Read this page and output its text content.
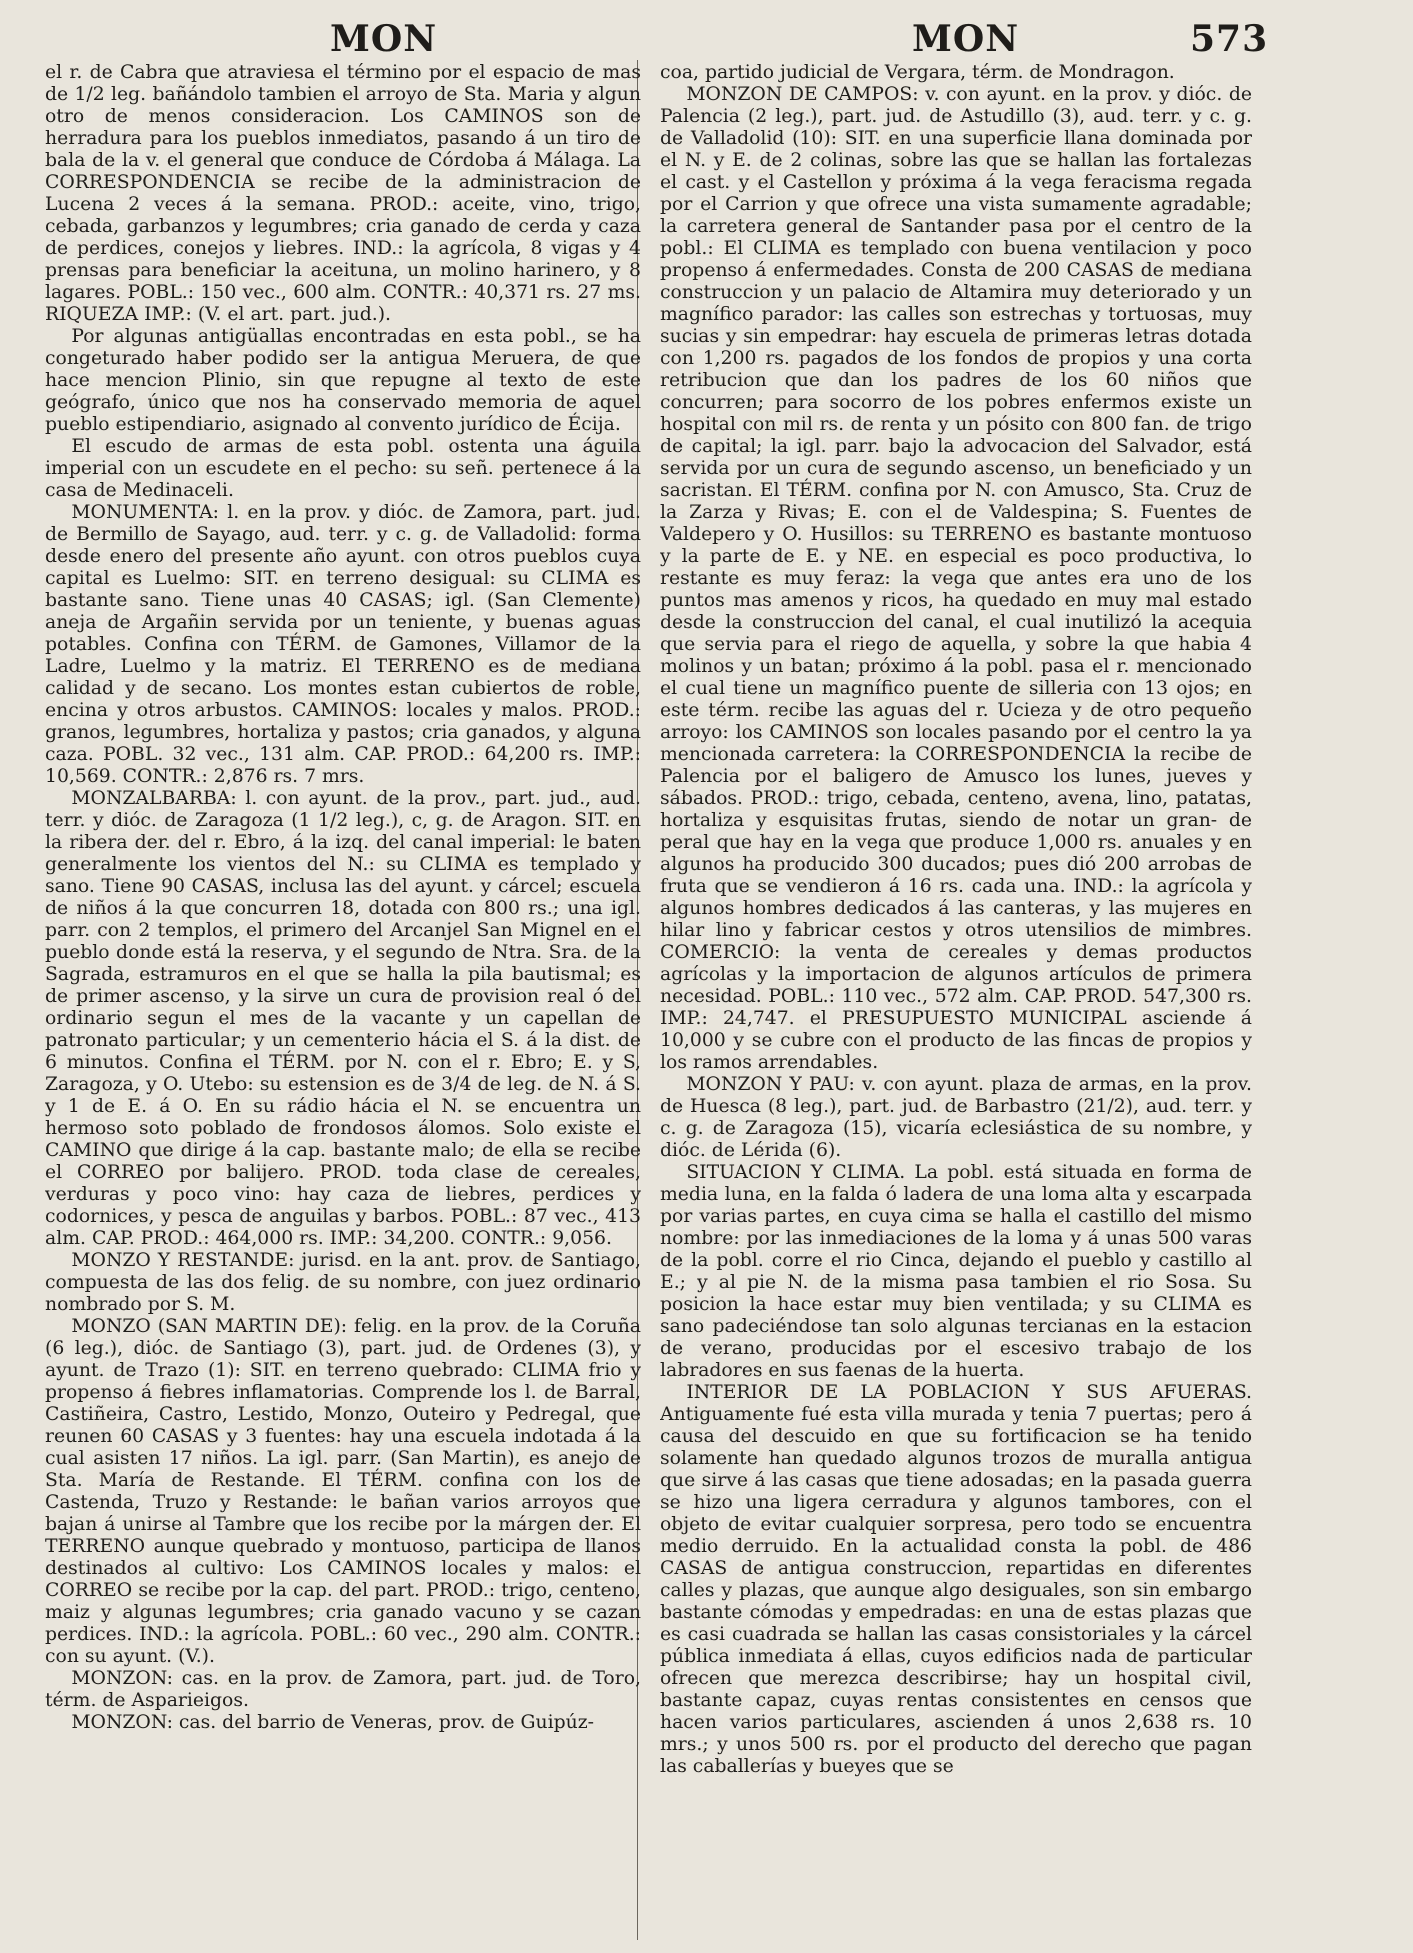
MON	MON	573

el r. de Cabra que atraviesa el término por el espacio de mas de 1/2 leg. bañándolo tambien el arroyo de Sta. Maria y algun otro de menos consideracion. Los CAMINOS son de herradura para los pueblos inmediatos, pasando á un tiro de bala de la v. el general que conduce de Córdoba á Málaga. La CORRESPONDENCIA se recibe de la administracion de Lucena 2 veces á la semana. PROD.: aceite, vino, trigo, cebada, garbanzos y legumbres; cria ganado de cerda y caza de perdices, conejos y liebres. IND.: la agrícola, 8 vigas y 4 prensas para beneficiar la aceituna, un molino harinero, y 8 lagares. POBL.: 150 vec., 600 alm. CONTR.: 40,371 rs. 27 ms. RIQUEZA IMP.: (V. el art. part. jud.).

Por algunas antigüallas encontradas en esta pobl., se ha congeturado haber podido ser la antigua Meruera, de que hace mencion Plinio, sin que repugne al texto de este geógrafo, único que nos ha conservado memoria de aquel pueblo estipendiario, asignado al convento jurídico de Écija.

El escudo de armas de esta pobl. ostenta una águila imperial con un escudete en el pecho: su señ. pertenece á la casa de Medinaceli.

MONUMENTA: l. en la prov. y dióc. de Zamora, part. jud. de Bermillo de Sayago, aud. terr. y c. g. de Valladolid: forma desde enero del presente año ayunt. con otros pueblos cuya capital es Luelmo: SIT. en terreno desigual: su CLIMA es bastante sano. Tiene unas 40 CASAS; igl. (San Clemente) aneja de Argañin servida por un teniente, y buenas aguas potables. Confina con TÉRM. de Gamones, Villamor de la Ladre, Luelmo y la matriz. El TERRENO es de mediana calidad y de secano. Los montes estan cubiertos de roble, encina y otros arbustos. CAMINOS: locales y malos. PROD.: granos, legumbres, hortaliza y pastos; cria ganados, y alguna caza. POBL. 32 vec., 131 alm. CAP. PROD.: 64,200 rs. IMP.: 10,569. CONTR.: 2,876 rs. 7 mrs.

MONZALBARBA: l. con ayunt. de la prov., part. jud., aud. terr. y dióc. de Zaragoza (1 1/2 leg.), c, g. de Aragon. SIT. en la ribera der. del r. Ebro, á la izq. del canal imperial: le baten generalmente los vientos del N.: su CLIMA es templado y sano. Tiene 90 CASAS, inclusa las del ayunt. y cárcel; escuela de niños á la que concurren 18, dotada con 800 rs.; una igl. parr. con 2 templos, el primero del Arcanjel San Mignel en el pueblo donde está la reserva, y el segundo de Ntra. Sra. de la Sagrada, estramuros en el que se halla la pila bautismal; es de primer ascenso, y la sirve un cura de provision real ó del ordinario segun el mes de la vacante y un capellan de patronato particular; y un cementerio hácia el S. á la dist. de 6 minutos. Confina el TÉRM. por N. con el r. Ebro; E. y S, Zaragoza, y O. Utebo: su estension es de 3/4 de leg. de N. á S. y 1 de E. á O. En su rádio hácia el N. se encuentra un hermoso soto poblado de frondosos álomos. Solo existe el CAMINO que dirige á la cap. bastante malo; de ella se recibe el CORREO por balijero. PROD. toda clase de cereales, verduras y poco vino: hay caza de liebres, perdices y codornices, y pesca de anguilas y barbos. POBL.: 87 vec., 413 alm. CAP. PROD.: 464,000 rs. IMP.: 34,200. CONTR.: 9,056.

MONZO Y RESTANDE: jurisd. en la ant. prov. de Santiago, compuesta de las dos felig. de su nombre, con juez ordinario nombrado por S. M.

MONZO (SAN MARTIN DE): felig. en la prov. de la Coruña (6 leg.), dióc. de Santiago (3), part. jud. de Ordenes (3), y ayunt. de Trazo (1): SIT. en terreno quebrado: CLIMA frio y propenso á fiebres inflamatorias. Comprende los l. de Barral, Castiñeira, Castro, Lestido, Monzo, Outeiro y Pedregal, que reunen 60 CASAS y 3 fuentes: hay una escuela indotada á la cual asisten 17 niños. La igl. parr. (San Martin), es anejo de Sta. María de Restande. El TÉRM. confina con los de Castenda, Truzo y Restande: le bañan varios arroyos que bajan á unirse al Tambre que los recibe por la márgen der. El TERRENO aunque quebrado y montuoso, participa de llanos destinados al cultivo: Los CAMINOS locales y malos: el CORREO se recibe por la cap. del part. PROD.: trigo, centeno, maiz y algunas legumbres; cria ganado vacuno y se cazan perdices. IND.: la agrícola. POBL.: 60 vec., 290 alm. CONTR.: con su ayunt. (V.).

MONZON: cas. en la prov. de Zamora, part. jud. de Toro, térm. de Asparieigos.

MONZON: cas. del barrio de Veneras, prov. de Guipúz-

coa, partido judicial de Vergara, térm. de Mondragon.

MONZON DE CAMPOS: v. con ayunt. en la prov. y dióc. de Palencia (2 leg.), part. jud. de Astudillo (3), aud. terr. y c. g. de Valladolid (10): SIT. en una superficie llana dominada por el N. y E. de 2 colinas, sobre las que se hallan las fortalezas el cast. y el Castellon y próxima á la vega feracisma regada por el Carrion y que ofrece una vista sumamente agradable; la carretera general de Santander pasa por el centro de la pobl.: El CLIMA es templado con buena ventilacion y poco propenso á enfermedades. Consta de 200 CASAS de mediana construccion y un palacio de Altamira muy deteriorado y un magnífico parador: las calles son estrechas y tortuosas, muy sucias y sin empedrar: hay escuela de primeras letras dotada con 1,200 rs. pagados de los fondos de propios y una corta retribucion que dan los padres de los 60 niños que concurren; para socorro de los pobres enfermos existe un hospital con mil rs. de renta y un pósito con 800 fan. de trigo de capital; la igl. parr. bajo la advocacion del Salvador, está servida por un cura de segundo ascenso, un beneficiado y un sacristan. El TÉRM. confina por N. con Amusco, Sta. Cruz de la Zarza y Rivas; E. con el de Valdespina; S. Fuentes de Valdepero y O. Husillos: su TERRENO es bastante montuoso y la parte de E. y NE. en especial es poco productiva, lo restante es muy feraz: la vega que antes era uno de los puntos mas amenos y ricos, ha quedado en muy mal estado desde la construccion del canal, el cual inutilizó la acequia que servia para el riego de aquella, y sobre la que habia 4 molinos y un batan; próximo á la pobl. pasa el r. mencionado el cual tiene un magnífico puente de silleria con 13 ojos; en este térm. recibe las aguas del r. Ucieza y de otro pequeño arroyo: los CAMINOS son locales pasando por el centro la ya mencionada carretera: la CORRESPONDENCIA la recibe de Palencia por el baligero de Amusco los lunes, jueves y sábados. PROD.: trigo, cebada, centeno, avena, lino, patatas, hortaliza y esquisitas frutas, siendo de notar un gran- de peral que hay en la vega que produce 1,000 rs. anuales y en algunos ha producido 300 ducados; pues dió 200 arrobas de fruta que se vendieron á 16 rs. cada una. IND.: la agrícola y algunos hombres dedicados á las canteras, y las mujeres en hilar lino y fabricar cestos y otros utensilios de mimbres. COMERCIO: la venta de cereales y demas productos agrícolas y la importacion de algunos artículos de primera necesidad. POBL.: 110 vec., 572 alm. CAP. PROD. 547,300 rs. IMP.: 24,747. el PRESUPUESTO MUNICIPAL asciende á 10,000 y se cubre con el producto de las fincas de propios y los ramos arrendables.

MONZON Y PAU: v. con ayunt. plaza de armas, en la prov. de Huesca (8 leg.), part. jud. de Barbastro (21/2), aud. terr. y c. g. de Zaragoza (15), vicaría eclesiástica de su nombre, y dióc. de Lérida (6).

SITUACION Y CLIMA. La pobl. está situada en forma de media luna, en la falda ó ladera de una loma alta y escarpada por varias partes, en cuya cima se halla el castillo del mismo nombre: por las inmediaciones de la loma y á unas 500 varas de la pobl. corre el rio Cinca, dejando el pueblo y castillo al E.; y al pie N. de la misma pasa tambien el rio Sosa. Su posicion la hace estar muy bien ventilada; y su CLIMA es sano padeciéndose tan solo algunas tercianas en la estacion de verano, producidas por el escesivo trabajo de los labradores en sus faenas de la huerta.

INTERIOR DE LA POBLACION Y SUS AFUERAS. Antiguamente fué esta villa murada y tenia 7 puertas; pero á causa del descuido en que su fortificacion se ha tenido solamente han quedado algunos trozos de muralla antigua que sirve á las casas que tiene adosadas; en la pasada guerra se hizo una ligera cerradura y algunos tambores, con el objeto de evitar cualquier sorpresa, pero todo se encuentra medio derruido. En la actualidad consta la pobl. de 486 CASAS de antigua construccion, repartidas en diferentes calles y plazas, que aunque algo desiguales, son sin embargo bastante cómodas y empedradas: en una de estas plazas que es casi cuadrada se hallan las casas consistoriales y la cárcel pública inmediata á ellas, cuyos edificios nada de particular ofrecen que merezca describirse; hay un hospital civil, bastante capaz, cuyas rentas consistentes en censos que hacen varios particulares, ascienden á unos 2,638 rs. 10 mrs.; y unos 500 rs. por el producto del derecho que pagan las caballerías y bueyes que se
